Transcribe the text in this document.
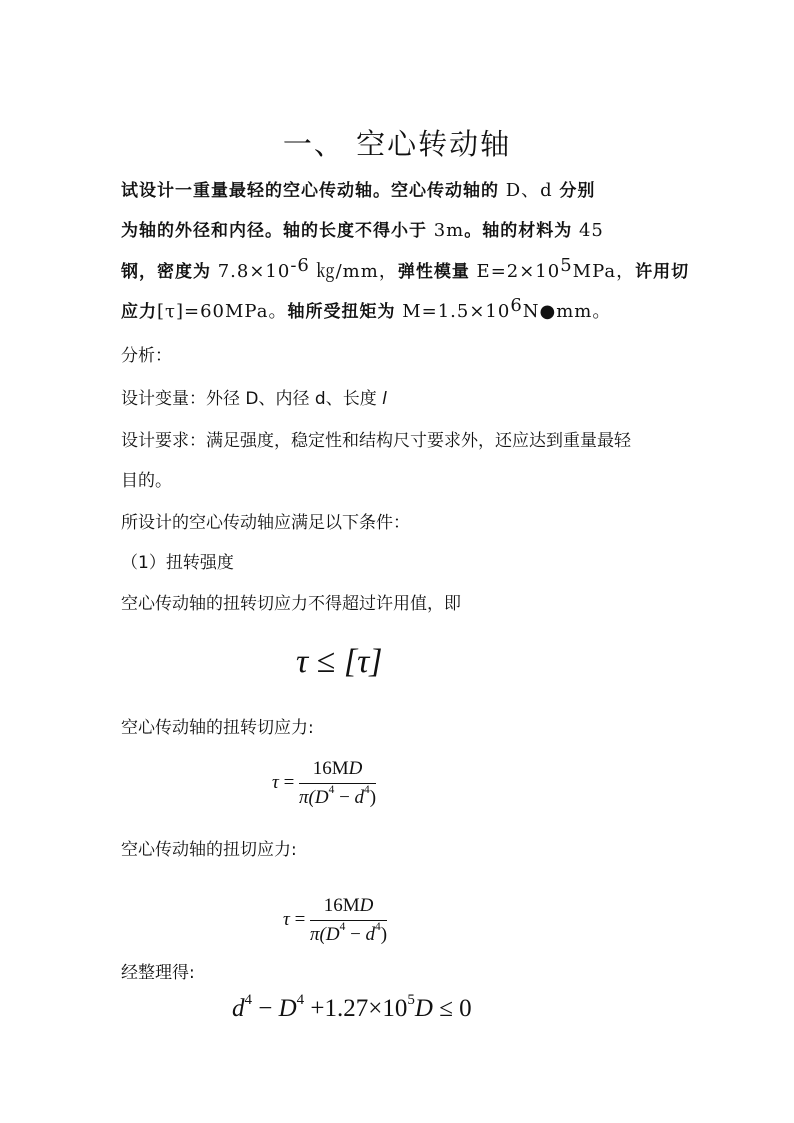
一、 空心转动轴
试设计一重量最轻的空心传动轴。空心传动轴的 D、d 分别
为轴的外径和内径。轴的长度不得小于 3m。轴的材料为 45
钢，密度为 $7.8\times 10^{-6}$ ㎏/mm，弹性模量 $E=2\times 10^5MPa$，许用切
应力[τ]=60MPa。轴所受扭矩为 $M=1.5\times 10^6N●mm$。
分析：
设计变量：外径 D、内径 d、长度 l
设计要求：满足强度，稳定性和结构尺寸要求外，还应达到重量最轻
目的。
所设计的空心传动轴应满足以下条件：
（1）扭转强度
空心传动轴的扭转切应力不得超过许用值，即
τ ≤ [τ]
空心传动轴的扭转切应力:
$\tau = \frac{16MD}{\pi(D^4 - d^4)}$
空心传动轴的扭切应力:
$\tau = \frac{16MD}{\pi(D^4 - d^4)}$
经整理得:
$d^4 - D^4 +1.27\times 10^5D \le 0$
